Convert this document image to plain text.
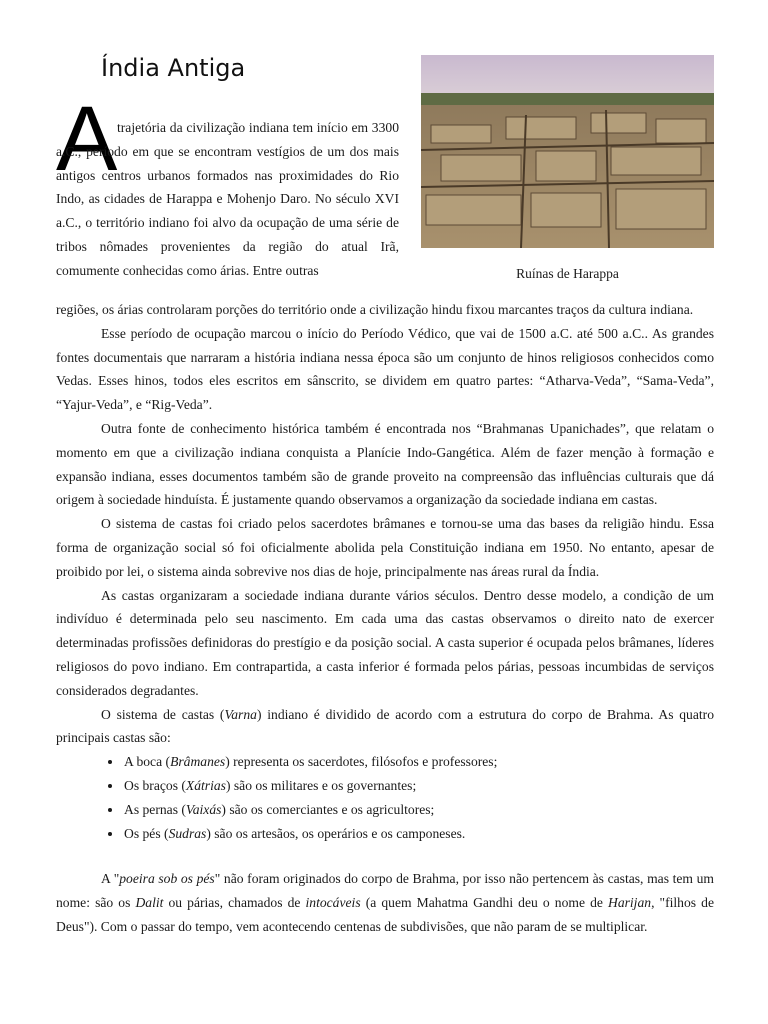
Índia Antiga
Ruínas de Harappa
A trajetória da civilização indiana tem início em 3300 a.C., período em que se encontram vestígios de um dos mais antigos centros urbanos formados nas proximidades do Rio Indo, as cidades de Harappa e Mohenjo Daro. No século XVI a.C., o território indiano foi alvo da ocupação de uma série de tribos nômades provenientes da região do atual Irã, comumente conhecidas como árias. Entre outras

regiões, os árias controlaram porções do território onde a civilização hindu fixou marcantes traços da cultura indiana.

Esse período de ocupação marcou o início do Período Védico, que vai de 1500 a.C. até 500 a.C.. As grandes fontes documentais que narraram a história indiana nessa época são um conjunto de hinos religiosos conhecidos como Vedas. Esses hinos, todos eles escritos em sânscrito, se dividem em quatro partes: “Atharva-Veda”, “Sama-Veda”, “Yajur-Veda”, e “Rig-Veda”.

Outra fonte de conhecimento histórica também é encontrada nos “Brahmanas Upanichades”, que relatam o momento em que a civilização indiana conquista a Planície Indo-Gangética. Além de fazer menção à formação e expansão indiana, esses documentos também são de grande proveito na compreensão das influências culturais que dá origem à sociedade hinduísta. É justamente quando observamos a organização da sociedade indiana em castas.

O sistema de castas foi criado pelos sacerdotes brâmanes e tornou-se uma das bases da religião hindu. Essa forma de organização social só foi oficialmente abolida pela Constituição indiana em 1950. No entanto, apesar de proibido por lei, o sistema ainda sobrevive nos dias de hoje, principalmente nas áreas rural da Índia.

As castas organizaram a sociedade indiana durante vários séculos. Dentro desse modelo, a condição de um indivíduo é determinada pelo seu nascimento. Em cada uma das castas observamos o direito nato de exercer determinadas profissões definidoras do prestígio e da posição social. A casta superior é ocupada pelos brâmanes, líderes religiosos do povo indiano. Em contrapartida, a casta inferior é formada pelos párias, pessoas incumbidas de serviços considerados degradantes.

O sistema de castas (Varna) indiano é dividido de acordo com a estrutura do corpo de Brahma. As quatro principais castas são:

• A boca (Brâmanes) representa os sacerdotes, filósofos e professores;
• Os braços (Xátrias) são os militares e os governantes;
• As pernas (Vaixás) são os comerciantes e os agricultores;
• Os pés (Sudras) são os artesãos, os operários e os camponeses.

A "poeira sob os pés" não foram originados do corpo de Brahma, por isso não pertencem às castas, mas tem um nome: são os Dalit ou párias, chamados de intocáveis (a quem Mahatma Gandhi deu o nome de Harijan, "filhos de Deus"). Com o passar do tempo, vem acontecendo centenas de subdivisões, que não param de se multiplicar.
